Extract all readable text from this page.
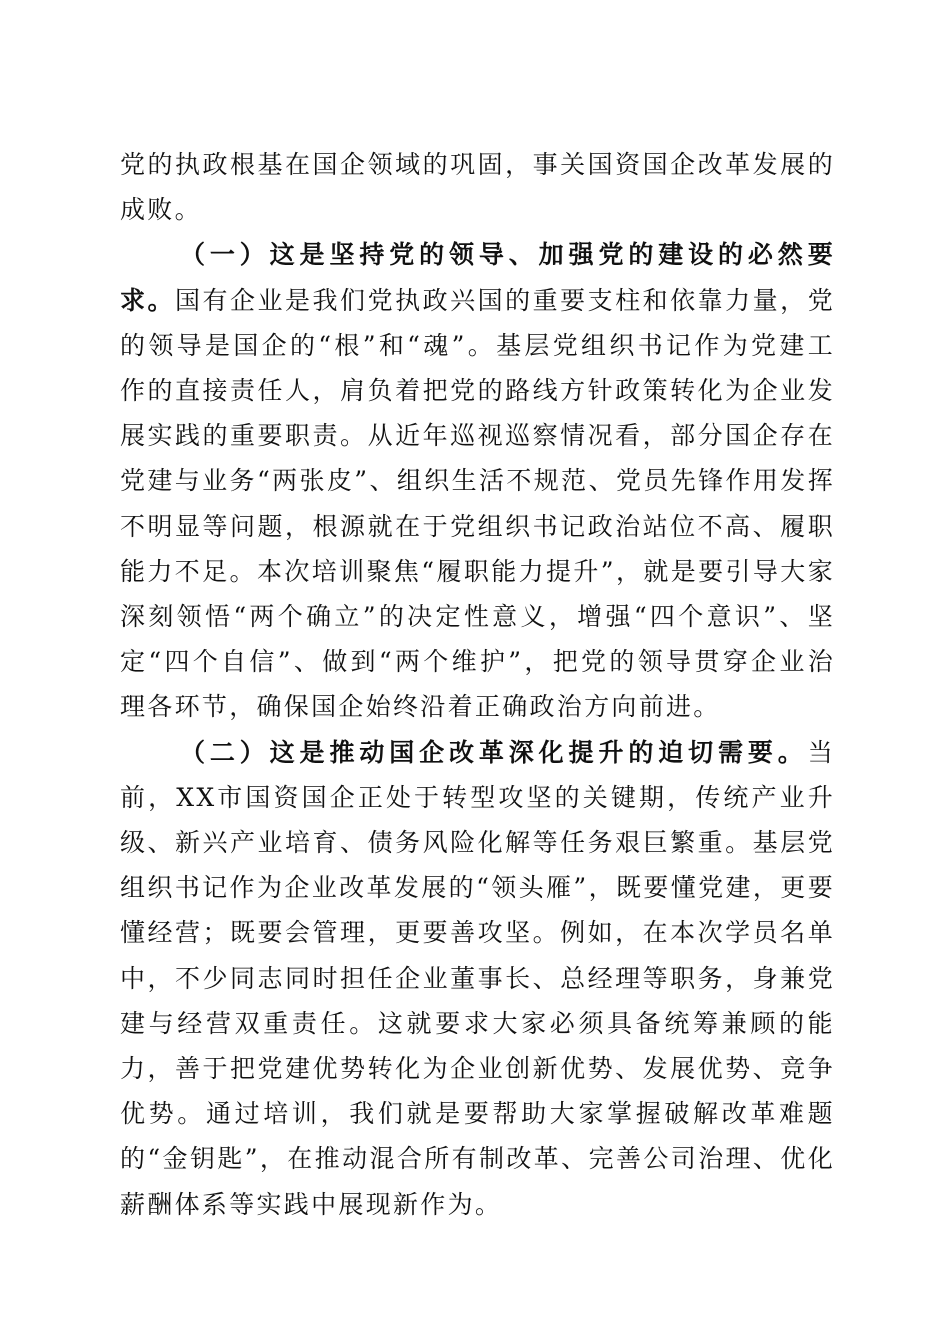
党的执政根基在国企领域的巩固，事关国资国企改革发展的成败。

（一）这是坚持党的领导、加强党的建设的必然要求。国有企业是我们党执政兴国的重要支柱和依靠力量，党的领导是国企的“根”和“魂”。基层党组织书记作为党建工作的直接责任人，肩负着把党的路线方针政策转化为企业发展实践的重要职责。从近年巡视巡察情况看，部分国企存在党建与业务“两张皮”、组织生活不规范、党员先锋作用发挥不明显等问题，根源就在于党组织书记政治站位不高、履职能力不足。本次培训聚焦“履职能力提升”，就是要引导大家深刻领悟“两个确立”的决定性意义，增强“四个意识”、坚定“四个自信”、做到“两个维护”，把党的领导贯穿企业治理各环节，确保国企始终沿着正确政治方向前进。

（二）这是推动国企改革深化提升的迫切需要。当前，XX市国资国企正处于转型攻坚的关键期，传统产业升级、新兴产业培育、债务风险化解等任务艰巨繁重。基层党组织书记作为企业改革发展的“领头雁”，既要懂党建，更要懂经营；既要会管理，更要善攻坚。例如，在本次学员名单中，不少同志同时担任企业董事长、总经理等职务，身兼党建与经营双重责任。这就要求大家必须具备统筹兼顾的能力，善于把党建优势转化为企业创新优势、发展优势、竞争优势。通过培训，我们就是要帮助大家掌握破解改革难题的“金钥匙”，在推动混合所有制改革、完善公司治理、优化薪酬体系等实践中展现新作为。
